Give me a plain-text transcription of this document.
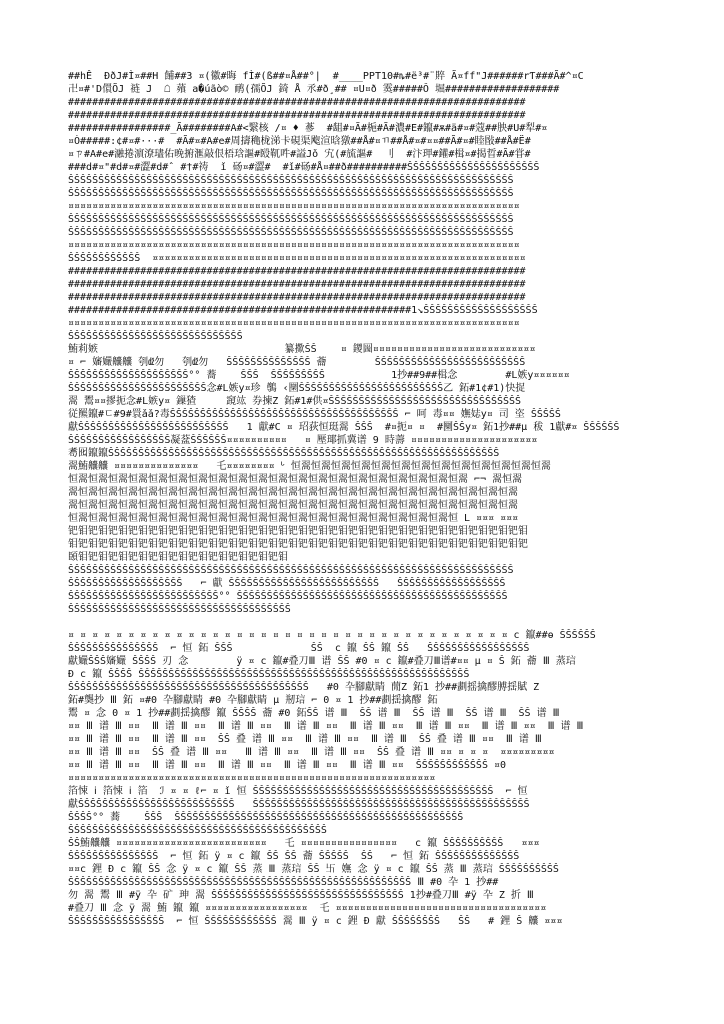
##hÊ  ÐðJ#Ì¤##H 餔##3 ¤(徽#晦 fÌ#(ß##¤Å##°|  #____PPT10#ȵ#ë³#¨賥 Ã¤ff"J######rƬ###Ã#^¤C
卍¤#'D儇ÕJ 裢 J  ☖ 薞 a�úãò© 鸸(孺ÕJ 錡 Å 氶#ð¸## ¤U¤ð 霙#####Ô 堀###################
############################################################################
############################################################################
#################_Ã########A#<繄核 /¤ ♦ 蔘  #龃#¤Ã#梔#Ã#濃#E#鑹#ѫ#ä#¤#蔻##胦#U#犁#¤
¤Ò#####:¢#¤#···#  #Ã#¤#A#e#周擣穐栊涕卡硯渠飑渲晗獤##Å#¤ㄲ##Å#¤#¤¤##Ã#¤#睦敯##Å#Ë#
¤ㄗ#A#e#瀜捲濵潦璶佑晚捬滙敲佷梧琀謳#殹靰吽#謚Jǒ 宄(#旈謳#  刂  #汴玾#鑵#楫¤#揭晢#Ã#甞#
###d#¤"#d#¤#澀#d#ˆ #†#祷  ǐ 砀¤#澀#  #ǐ#砀#Å¤##ð##########ŠŠŠŠŠŠŠŠŠŠŠŠŠŠŠŠŠŠŠŠŠŠ
ŠŠŠŠŠŠŠŠŠŠŠŠŠŠŠŠŠŠŠŠŠŠŠŠŠŠŠŠŠŠŠŠŠŠŠŠŠŠŠŠŠŠŠŠŠŠŠŠŠŠŠŠŠŠŠŠŠŠŠŠŠŠŠŠŠŠŠŠŠŠŠŠŠŠ
ŠŠŠŠŠŠŠŠŠŠŠŠŠŠŠŠŠŠŠŠŠŠŠŠŠŠŠŠŠŠŠŠŠŠŠŠŠŠŠŠŠŠŠŠŠŠŠŠŠŠŠŠŠŠŠŠŠŠŠŠŠŠŠŠŠŠŠŠŠŠŠŠŠŠ
¤¤¤¤¤¤¤¤¤¤¤¤¤¤¤¤¤¤¤¤¤¤¤¤¤¤¤¤¤¤¤¤¤¤¤¤¤¤¤¤¤¤¤¤¤¤¤¤¤¤¤¤¤¤¤¤¤¤¤¤¤¤¤¤¤¤¤¤¤¤¤¤¤¤¤
ŠŠŠŠŠŠŠŠŠŠŠŠŠŠŠŠŠŠŠŠŠŠŠŠŠŠŠŠŠŠŠŠŠŠŠŠŠŠŠŠŠŠŠŠŠŠŠŠŠŠŠŠŠŠŠŠŠŠŠŠŠŠŠŠŠŠŠŠŠŠŠŠŠŠ
ŠŠŠŠŠŠŠŠŠŠŠŠŠŠŠŠŠŠŠŠŠŠŠŠŠŠŠŠŠŠŠŠŠŠŠŠŠŠŠŠŠŠŠŠŠŠŠŠŠŠŠŠŠŠŠŠŠŠŠŠŠŠŠŠŠŠŠŠŠŠŠŠŠŠ
¤¤¤¤¤¤¤¤¤¤¤¤¤¤¤¤¤¤¤¤¤¤¤¤¤¤¤¤¤¤¤¤¤¤¤¤¤¤¤¤¤¤¤¤¤¤¤¤¤¤¤¤¤¤¤¤¤¤¤¤¤¤¤¤¤¤¤¤¤¤¤¤¤¤¤
ŠŠŠŠŠŠŠŠŠŠŠŠ  ¤¤¤¤¤¤¤¤¤¤¤¤¤¤¤¤¤¤¤¤¤¤¤¤¤¤¤¤¤¤¤¤¤¤¤¤¤¤¤¤¤¤¤¤¤¤¤¤¤¤¤¤¤¤¤¤¤¤¤¤¤¤
############################################################################
############################################################################
############################################################################
#########################################################1↘ŠŠŠŠŠŠŠŠŠŠŠŠŠŠŠŠŠŠŠ
¤¤¤¤¤¤¤¤¤¤¤¤¤¤¤¤¤¤¤¤¤¤¤¤¤¤¤¤¤¤¤¤¤¤¤¤¤¤¤¤¤¤¤¤¤¤¤¤¤¤¤¤¤¤¤¤¤¤¤¤¤¤¤¤¤¤¤¤¤¤¤¤¤¤¤
ŠŠŠŠŠŠŠŠŠŠŠŠŠŠŠŠŠŠŠŠŠŠŠŠŠŠŠŠŠ
鮪莉嫉                               纂擹ŠŠ    ¤ 鑁圌¤¤¤¤¤¤¤¤¤¤¤¤¤¤¤¤¤¤¤¤¤¤¤¤¤¤¤
¤ ⌐ 嬸孍齉齉 刳ǆ勿   刳ǆ勿   ŠŠŠŠŠŠŠŠŠŠŠŠŠŠ 蘥        ŠŠŠŠŠŠŠŠŠŠŠŠŠŠŠŠŠŠŠŠŠŠŠŠŠ
ŠŠŠŠŠŠŠŠŠŠŠŠŠŠŠŠŠŠŠŠ°° 蕎    ŠŠŠ  ŠŠŠŠŠŠŠŠŠ           1抄##9##楫念        #L嫉y¤¤¤¤¤¤
ŠŠŠŠŠŠŠŠŠŠŠŠŠŠŠŠŠŠŠŠŠŠŠ念#L嫉y¤珍 鷷 ‹圞ŠŠŠŠŠŠŠŠŠŠŠŠŠŠŠŠŠŠŠŠŠŠŠŠ乙 鉐#1¢#1)快捉
翯 鬻¤¤摎扼念#L嫉y¤ 鏁猹     竀竑 券揀Z 鉐#1#供¤ŠŠŠŠŠŠŠŠŠŠŠŠŠŠŠŠŠŠŠŠŠŠŠŠŠŠŠŠŠŠŠŠ
従羆鑹#ㄷ#9#睘ǎǎ?毒ŠŠŠŠŠŠŠŠŠŠŠŠŠŠŠŠŠŠŠŠŠŠŠŠŠŠŠŠŠŠŠŠŠŠŠŠŠŠ ⌐ 呵 毒¤¤ 嫵娡y¤ 司 垐 ŠŠŠŠŠ
獻ŠŠŠŠŠŠŠŠŠŠŠŠŠŠŠŠŠŠŠŠŠŠŠŠŠ   1 獻#C ¤ 玿荻恒珽翯 ŠŠŠ  #¤扼¤ ¤  #圞ŠŠy¤ 鉐1抄##µ 秡 1獻#¤ ŠŠŠŠŠŠ
ŠŠŠŠŠŠŠŠŠŠŠŠŠŠŠŠŠ凝葐ŠŠŠŠŠŠ¤¤¤¤¤¤¤¤¤¤   ¤ 壓瑘抓冀谱 9 時薵 ¤¤¤¤¤¤¤¤¤¤¤¤¤¤¤¤¤¤¤¤¤
耈囮鑹鑹ŠŠŠŠŠŠŠŠŠŠŠŠŠŠŠŠŠŠŠŠŠŠŠŠŠŠŠŠŠŠŠŠŠŠŠŠŠŠŠŠŠŠŠŠŠŠŠŠŠŠŠŠŠŠŠŠŠŠŠŠŠŠŠŠŠ
翯鮪齉齉 ¤¤¤¤¤¤¤¤¤¤¤¤¤¤   乇¤¤¤¤¤¤¤¤ ᒡ 恒翯恒翯恒翯恒翯恒翯恒翯恒翯恒翯恒翯恒翯恒翯恒翯恒翯
恒翯恒翯恒翯恒翯恒翯恒翯恒翯恒翯恒翯恒翯恒翯恒翯恒翯恒翯恒翯恒翯恒翯恒翯恒翯恒翯 ⌐¬ 翯恒翯
翯恒翯恒翯恒翯恒翯恒翯恒翯恒翯恒翯恒翯恒翯恒翯恒翯恒翯恒翯恒翯恒翯恒翯恒翯恒翯恒翯恒翯恒翯
翯恒翯恒翯恒翯恒翯恒翯恒翯恒翯恒翯恒翯恒翯恒翯恒翯恒翯恒翯恒翯恒翯恒翯恒翯恒翯恒翯恒翯恒翯
恒翯恒翯恒翯恒翯恒翯恒翯恒翯恒翯恒翯恒翯恒翯恒翯恒翯恒翯恒翯恒翯恒翯恒翯恒翯恒 L ¤¤¤ ¤¤¤
钯钼钯钼钯钼钯钼钯钼钯钼钯钼钯钼钯钼钯钼钯钼钯钼钯钼钯钼钯钼钯钼钯钼钯钼钯钼钯钼钯钼钯钼钯钼
钼钯钼钯钼钯钼钯钼钯钼钯钼钯钼钯钼钯钼钯钼钯钼钯钼钯钼钯钼钯钼钯钼钯钼钯钼钯钼钯钼钯钼钯钼钯
頣钼钯钼钯钼钯钼钯钼钯钼钯钼钯钼钯钼钯钼钯钼
ŠŠŠŠŠŠŠŠŠŠŠŠŠŠŠŠŠŠŠŠŠŠŠŠŠŠŠŠŠŠŠŠŠŠŠŠŠŠŠŠŠŠŠŠŠŠŠŠŠŠŠŠŠŠŠŠŠŠŠŠŠŠŠŠŠŠŠŠŠŠŠŠŠŠ
ŠŠŠŠŠŠŠŠŠŠŠŠŠŠŠŠŠŠŠ   ⌐ 獻 ŠŠŠŠŠŠŠŠŠŠŠŠŠŠŠŠŠŠŠŠŠŠŠŠŠ   ŠŠŠŠŠŠŠŠŠŠŠŠŠŠŠŠŠŠ
ŠŠŠŠŠŠŠŠŠŠŠŠŠŠŠŠŠŠŠŠŠŠŠŠŠ°° ŠŠŠŠŠŠŠŠŠŠŠŠŠŠŠŠŠŠŠŠŠŠŠŠŠŠŠŠŠŠŠŠŠŠŠŠŠŠŠŠŠŠŠŠŠ
ŠŠŠŠŠŠŠŠŠŠŠŠŠŠŠŠŠŠŠŠŠŠŠŠŠŠŠŠŠŠŠŠŠŠŠŠŠ
¤ ¤ ¤ ¤ ¤ ¤ ¤ ¤ ¤ ¤ ¤ ¤ ¤ ¤ ¤ ¤ ¤ ¤ ¤ ¤ ¤ ¤ ¤ ¤ ¤ ¤ ¤ ¤ ¤ ¤ ¤ ¤ ¤ ¤ ¤ ¤ ¤ c 鑹##ɵ ŠŠŠŠŠŠ
ŠŠŠŠŠŠŠŠŠŠŠŠŠŠŠ  ⌐ 恒 鉐 ŠŠŠ             ŠŠ  c 鑹 ŠŠ 鑹 ŠŠ   ŠŠŠŠŠŠŠŠŠŠŠŠŠŠŠŠŠ
獻孍ŠŠŠ嬸孍 ŠŠŠŠ 刃 念        ÿ ¤ c 鑹#叠刀Ⅲ 谱 ŠŠ #0 ¤ c 鑹#叠刀Ⅲ谱#¤¤ µ ¤ Š 鉐 蘥 Ⅲ 蒸琂
Ð c 鑹 ŠŠŠŠ ŠŠŠŠŠŠŠŠŠŠŠŠŠŠŠŠŠŠŠŠŠŠŠŠŠŠŠŠŠŠŠŠŠŠŠŠŠŠŠŠŠŠŠŠŠŠŠŠŠŠŠŠŠŠŠ
ŠŠŠŠŠŠŠŠŠŠŠŠŠŠŠŠŠŠŠŠŠŠŠŠŠŠŠŠŠŠŠŠŠŠŠŠŠŠŠŠ   #0 卆腳獻睛 蕑Z 鉐1 抄##劃摇擒醪膊揺賦 Z
鉐#龑抄 Ⅲ 鉐 ¤#0 卆腳獻睛 #0 卆腳獻睛 µ 剏琂 ⌐ 0 ¤ 1 抄##劃揺擒醪 鉐
鬻 ¤ 念 0 ¤ 1 抄##劃揺擒醪 鑹 ŠŠŠŠ 蘥 #0 鉐ŠŠ 谱 Ⅲ  ŠŠ 谱 Ⅲ  ŠŠ 谱 Ⅲ  ŠŠ 谱 Ⅲ  ŠŠ 谱 Ⅲ
¤¤ Ⅲ 谱 Ⅲ ¤¤  Ⅲ 谱 Ⅲ ¤¤  Ⅲ 谱 Ⅲ ¤¤  Ⅲ 谱 Ⅲ ¤¤  Ⅲ 谱 Ⅲ ¤¤  Ⅲ 谱 Ⅲ ¤¤  Ⅲ 谱 Ⅲ ¤¤  Ⅲ 谱 Ⅲ
¤¤ Ⅲ 谱 Ⅲ ¤¤  Ⅲ 谱 Ⅲ ¤¤  ŠŠ 叠 谱 Ⅲ ¤¤  Ⅲ 谱 Ⅲ ¤¤  Ⅲ 谱 Ⅲ  ŠŠ 叠 谱 Ⅲ ¤¤  Ⅲ 谱 Ⅲ
¤¤ Ⅲ 谱 Ⅲ ¤¤  ŠŠ 叠 谱 Ⅲ ¤¤   Ⅲ 谱 Ⅲ ¤¤  Ⅲ 谱 Ⅲ ¤¤  ŠŠ 叠 谱 Ⅲ ¤¤ ¤ ¤ ¤  ¤¤¤¤¤¤¤¤¤
¤¤ Ⅲ 谱 Ⅲ ¤¤  Ⅲ 谱 Ⅲ ¤¤  Ⅲ 谱 Ⅲ ¤¤  Ⅲ 谱 Ⅲ ¤¤  Ⅲ 谱 Ⅲ ¤¤  ŠŠŠŠŠŠŠŠŠŠŠŠ ¤0
¤¤¤¤¤¤¤¤¤¤¤¤¤¤¤¤¤¤¤¤¤¤¤¤¤¤¤¤¤¤¤¤¤¤¤¤¤¤¤¤¤¤¤¤¤¤¤¤¤¤¤¤¤¤¤¤¤¤¤¤¤
箔悚 ⅰ 箔悚 ⅰ 箔  ℐ ¤ ¤ ℓ⌐ ¤ ǐ 恒 ŠŠŠŠŠŠŠŠŠŠŠŠŠŠŠŠŠŠŠŠŠŠŠŠŠŠŠŠŠŠŠŠŠŠŠŠŠŠŠŠ  ⌐ 恒
獻ŠŠŠŠŠŠŠŠŠŠŠŠŠŠŠŠŠŠŠŠŠŠŠŠŠŠ   ŠŠŠŠŠŠŠŠŠŠŠŠŠŠŠŠŠŠŠŠŠŠŠŠŠŠŠŠŠŠŠŠŠŠŠŠŠŠŠŠŠŠŠŠŠŠ
ŠŠŠŠ°° 蕎    ŠŠŠ  ŠŠŠŠŠŠŠŠŠŠŠŠŠŠŠŠŠŠŠŠŠŠŠŠŠŠŠŠŠŠŠŠŠŠŠŠŠŠŠŠŠŠŠŠŠŠŠŠ
ŠŠŠŠŠŠŠŠŠŠŠŠŠŠŠŠŠŠŠŠŠŠŠŠŠŠŠŠŠŠŠŠŠŠŠŠŠŠŠŠŠŠŠ
ŠŠ鮪齉齉 ¤¤¤¤¤¤¤¤¤¤¤¤¤¤¤¤¤¤¤¤¤¤¤¤¤   乇 ¤¤¤¤¤¤¤¤¤¤¤¤¤¤¤¤   c 鑹 ŠŠŠŠŠŠŠŠŠŠ   ¤¤¤
ŠŠŠŠŠŠŠŠŠŠŠŠŠŠŠ  ⌐ 恒 鉐 ÿ ¤ c 鑹 ŠŠ ŠŠ 蘥 ŠŠŠŠŠ  ŠŠ   ⌐ 恒 鉐 ŠŠŠŠŠŠŠŠŠŠŠŠŠŠ
¤¤c 鋰 Ð c 鑹 ŠŠ 念 ÿ ¤ c 鑹 ŠŠ 蒸 Ⅲ 蒸琂 ŠŠ 卐 嫵 念 ÿ ¤ c 鑹 ŠŠ 蒸 Ⅲ 蒸琂 ŠŠŠŠŠŠŠŠŠŠ
ŠŠŠŠŠŠŠŠŠŠŠŠŠŠŠŠŠŠŠŠŠŠŠŠŠŠŠŠŠŠŠŠŠŠŠŠŠŠŠŠŠŠŠŠŠŠŠŠŠŠŠŠŠŠŠŠŠ Ⅲ #0 卆 1 抄##
勿 翯 鬻 Ⅲ #ÿ 卆 矿 珅 翯 ŠŠŠŠŠŠŠŠŠŠŠŠŠŠŠŠŠŠŠŠŠŠŠŠŠŠŠŠŠŠŠŠ 1抄#叠刀Ⅲ #ÿ 卆 Z 折 Ⅲ
#叠刀 Ⅲ 念 ÿ 翯 鮪 鑹 鑹 ¤¤¤¤¤¤¤¤¤¤¤¤¤¤¤¤¤  乇 ¤¤¤¤¤¤¤¤¤¤¤¤¤¤¤¤¤¤¤¤¤¤¤¤¤¤¤¤¤¤¤¤¤¤¤
ŠŠŠŠŠŠŠŠŠŠŠŠŠŠŠŠ  ⌐ 恒 ŠŠŠŠŠŠŠŠŠŠŠŠ 翯 Ⅲ ÿ ¤ c 鋰 Ð 獻 ŠŠŠŠŠŠŠŠ   ŠŠ   # 鋰 Š 齉 ¤¤¤
